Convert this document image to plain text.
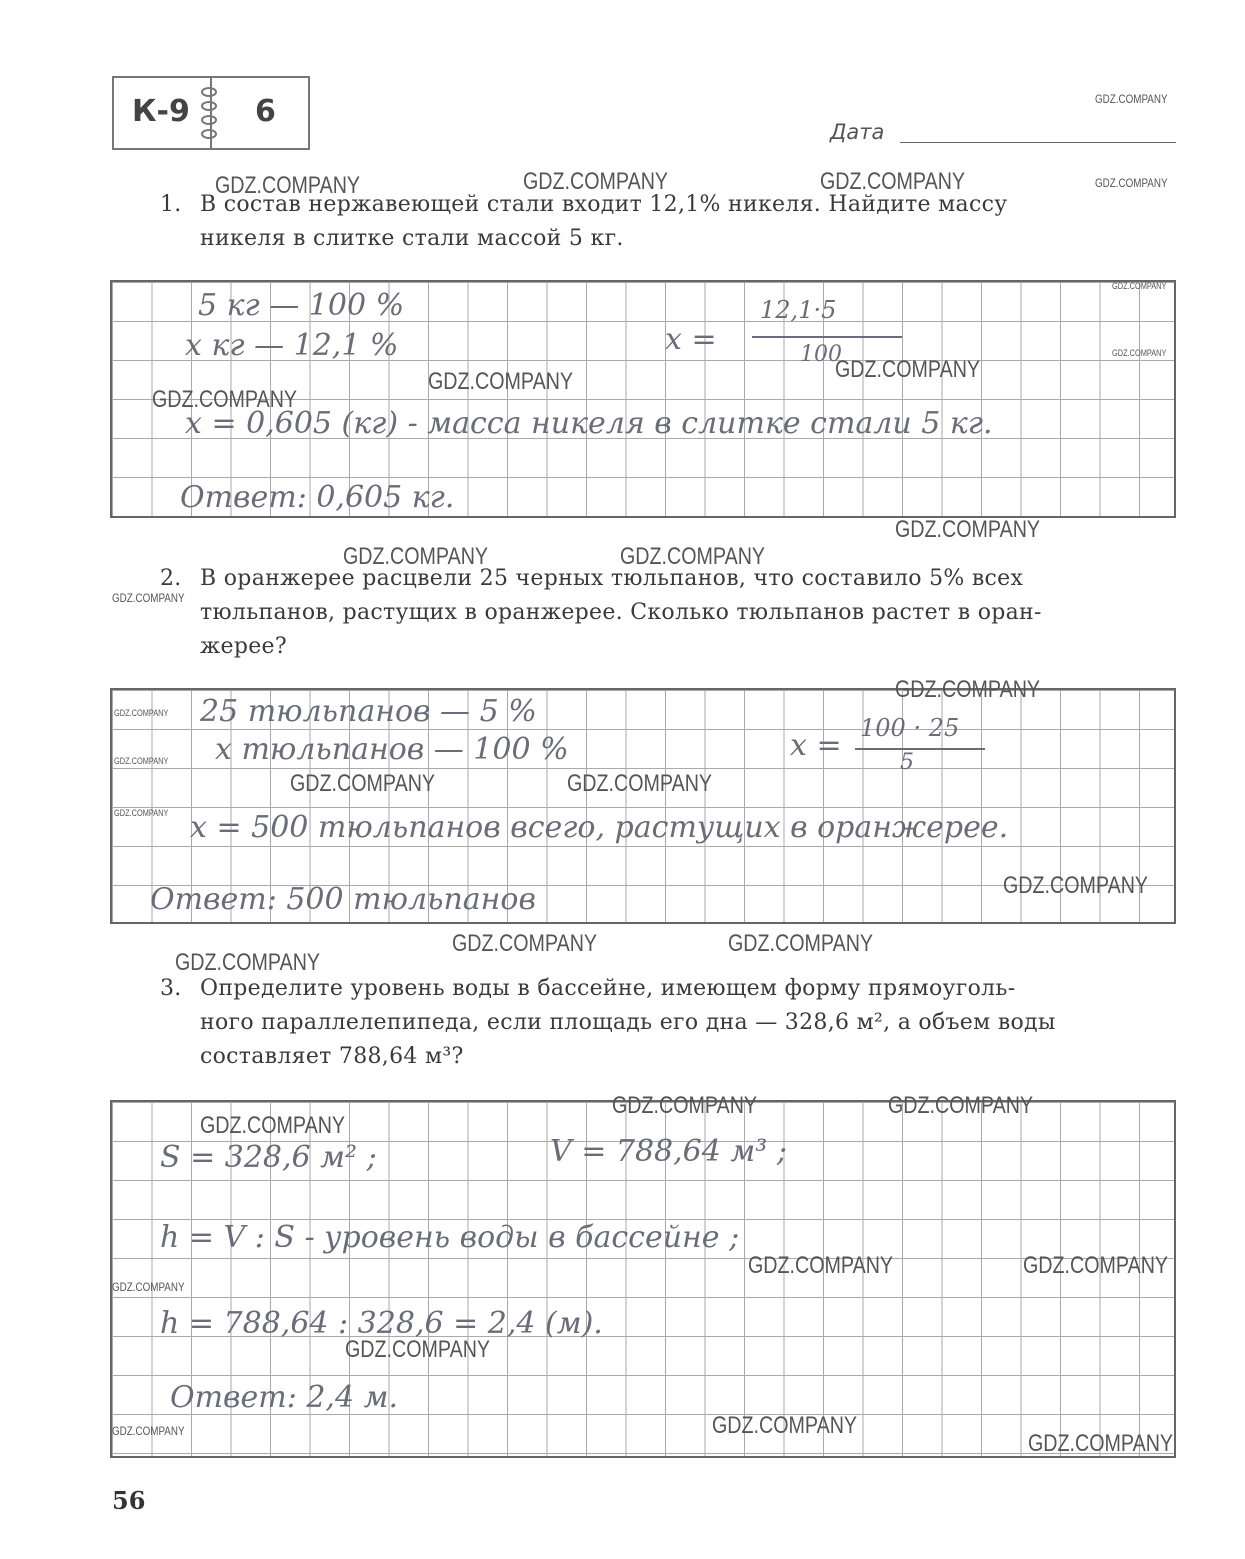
К-9 6
Дата
1. В состав нержавеющей стали входит 12,1% никеля. Найдите массу
никеля в слитке стали массой 5 кг.
5 кг — 100 %
x кг — 12,1 %	x =
12,1·5
100
x = 0,605 (кг) - масса никеля в слитке стали 5 кг.
Ответ: 0,605 кг.
2. В оранжерее расцвели 25 черных тюльпанов, что составило 5% всех
тюльпанов, растущих в оранжерее. Сколько тюльпанов растет в оран-
жерее?
25 тюльпанов — 5 %
x тюльпанов — 100 %	x = 100 · 25
5
x = 500 тюльпанов всего, растущих в оранжерее.
Ответ: 500 тюльпанов
3. Определите уровень воды в бассейне, имеющем форму прямоуголь-
ного параллелепипеда, если площадь его дна — 328,6 м², а объем воды
составляет 788,64 м³?
S = 328,6 м² ;	V = 788,64 м³ ;
h = V : S - уровень воды в бассейне ;
h = 788,64 : 328,6 = 2,4 (м).
Ответ: 2,4 м.
56
GDZ.COMPANY
GDZ.COMPANY	GDZ.COMPANY	GDZ.COMPANY	GDZ.COMPANY
GDZ.COMPANY
GDZ.COMPANY
GDZ.COMPANY
GDZ.COMPANY
GDZ.COMPANY
GDZ.COMPANY
GDZ.COMPANY	GDZ.COMPANY
GDZ.COMPANY
GDZ.COMPANY
GDZ.COMPANY
GDZ.COMPANY
GDZ.COMPANY	GDZ.COMPANY
GDZ.COMPANY
GDZ.COMPANY
GDZ.COMPANY	GDZ.COMPANY
GDZ.COMPANY
GDZ.COMPANY	GDZ.COMPANY
GDZ.COMPANY
GDZ.COMPANY	GDZ.COMPANY
GDZ.COMPANY
GDZ.COMPANY
GDZ.COMPANY
GDZ.COMPANY	GDZ.COMPANY
